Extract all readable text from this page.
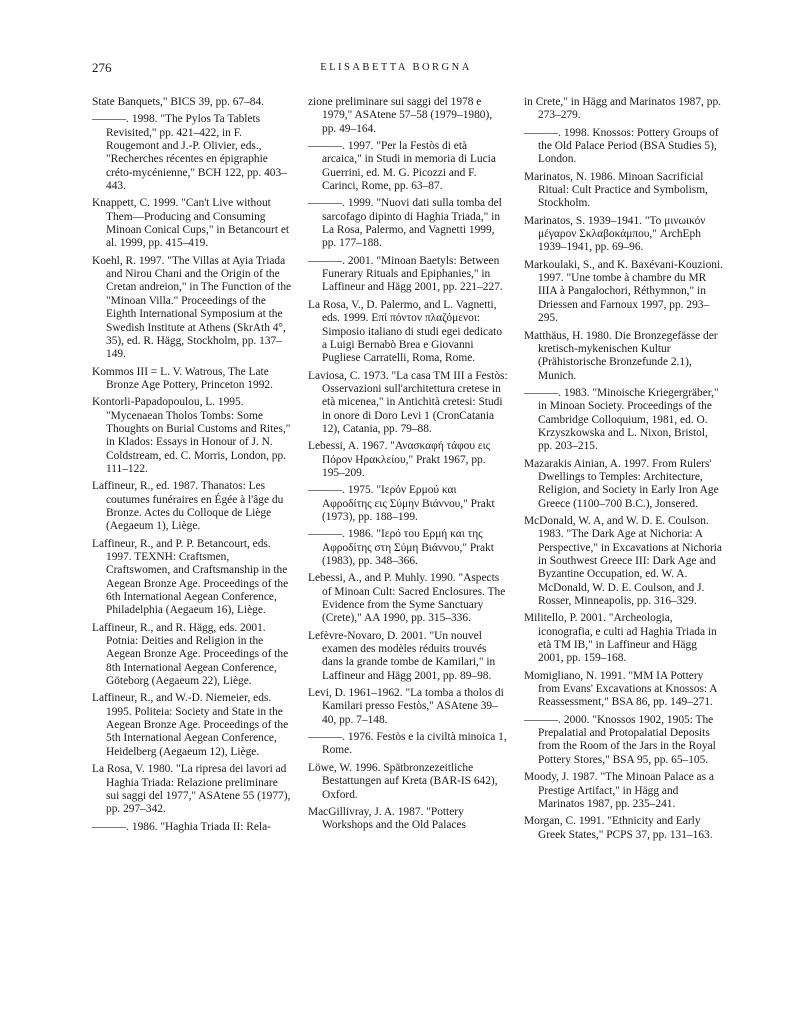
276	ELISABETTA BORGNA

State Banquets," BICS 39, pp. 67–84.

———. 1998. "The Pylos Ta Tablets Revisited," pp. 421–422, in F. Rougemont and J.-P. Olivier, eds., "Recherches récentes en épigraphie créto-mycénienne," BCH 122, pp. 403–443.

Knappett, C. 1999. "Can't Live without Them—Producing and Consuming Minoan Conical Cups," in Betancourt et al. 1999, pp. 415–419.

Koehl, R. 1997. "The Villas at Ayia Triada and Nirou Chani and the Origin of the Cretan andreion," in The Function of the "Minoan Villa." Proceedings of the Eighth International Symposium at the Swedish Institute at Athens (SkrAth 4°, 35), ed. R. Hägg, Stockholm, pp. 137–149.

Kommos III = L. V. Watrous, The Late Bronze Age Pottery, Princeton 1992.

Kontorli-Papadopoulou, L. 1995. "Mycenaean Tholos Tombs: Some Thoughts on Burial Customs and Rites," in Klados: Essays in Honour of J. N. Coldstream, ed. C. Morris, London, pp. 111–122.

Laffineur, R., ed. 1987. Thanatos: Les coutumes funéraires en Égée à l'âge du Bronze. Actes du Colloque de Liège (Aegaeum 1), Liège.

Laffineur, R., and P. P. Betancourt, eds. 1997. TEXNH: Craftsmen, Craftswomen, and Craftsmanship in the Aegean Bronze Age. Proceedings of the 6th International Aegean Conference, Philadelphia (Aegaeum 16), Liège.

Laffineur, R., and R. Hägg, eds. 2001. Potnia: Deities and Religion in the Aegean Bronze Age. Proceedings of the 8th International Aegean Conference, Göteborg (Aegaeum 22), Liège.

Laffineur, R., and W.-D. Niemeier, eds. 1995. Politeia: Society and State in the Aegean Bronze Age. Proceedings of the 5th International Aegean Conference, Heidelberg (Aegaeum 12), Liège.

La Rosa, V. 1980. "La ripresa dei lavori ad Haghia Triada: Relazione preliminare sui saggi del 1977," ASAtene 55 (1977), pp. 297–342.

———. 1986. "Haghia Triada II: Rela-

zione preliminare sui saggi del 1978 e 1979," ASAtene 57–58 (1979–1980), pp. 49–164.

———. 1997. "Per la Festòs di età arcaica," in Studi in memoria di Lucia Guerrini, ed. M. G. Picozzi and F. Carinci, Rome, pp. 63–87.

———. 1999. "Nuovi dati sulla tomba del sarcofago dipinto di Haghia Triada," in La Rosa, Palermo, and Vagnetti 1999, pp. 177–188.

———. 2001. "Minoan Baetyls: Between Funerary Rituals and Epiphanies," in Laffineur and Hägg 2001, pp. 221–227.

La Rosa, V., D. Palermo, and L. Vagnetti, eds. 1999. Επί πόντον πλαζόμενοι: Simposio italiano di studi egei dedicato a Luigi Bernabò Brea e Giovanni Pugliese Carratelli, Roma, Rome.

Laviosa, C. 1973. "La casa TM III a Festòs: Osservazioni sull'architettura cretese in età micenea," in Antichità cretesi: Studi in onore di Doro Levi 1 (CronCatania 12), Catania, pp. 79–88.

Lebessi, A. 1967. "Ανασκαφή τάφου εις Πόρον Ηρακλείου," Prakt 1967, pp. 195–209.

———. 1975. "Ιερόν Ερμού και Αφροδίτης εις Σύμην Βιάννου," Prakt (1973), pp. 188–199.

———. 1986. "Ιερό του Ερμή και της Αφροδίτης στη Σύμη Βιάννου," Prakt (1983), pp. 348–366.

Lebessi, A., and P. Muhly. 1990. "Aspects of Minoan Cult: Sacred Enclosures. The Evidence from the Syme Sanctuary (Crete)," AA 1990, pp. 315–336.

Lefèvre-Novaro, D. 2001. "Un nouvel examen des modèles réduits trouvés dans la grande tombe de Kamilari," in Laffineur and Hägg 2001, pp. 89–98.

Levi, D. 1961–1962. "La tomba a tholos di Kamilari presso Festòs," ASAtene 39–40, pp. 7–148.

———. 1976. Festòs e la civiltà minoica 1, Rome.

Löwe, W. 1996. Spätbronzezeitliche Bestattungen auf Kreta (BAR-IS 642), Oxford.

MacGillivray, J. A. 1987. "Pottery Workshops and the Old Palaces

in Crete," in Hägg and Marinatos 1987, pp. 273–279.

———. 1998. Knossos: Pottery Groups of the Old Palace Period (BSA Studies 5), London.

Marinatos, N. 1986. Minoan Sacrificial Ritual: Cult Practice and Symbolism, Stockholm.

Marinatos, S. 1939–1941. "Το μινωικόν μέγαρον Σκλαβοκάμπου," ArchEph 1939–1941, pp. 69–96.

Markoulaki, S., and K. Baxévani-Kouzioni. 1997. "Une tombe à chambre du MR IIIA à Pangalochori, Réthymnon," in Driessen and Farnoux 1997, pp. 293–295.

Matthäus, H. 1980. Die Bronzegefässe der kretisch-mykenischen Kultur (Prähistorische Bronzefunde 2.1), Munich.

———. 1983. "Minoische Kriegergräber," in Minoan Society. Proceedings of the Cambridge Colloquium, 1981, ed. O. Krzyszkowska and L. Nixon, Bristol, pp. 203–215.

Mazarakis Ainian, A. 1997. From Rulers' Dwellings to Temples: Architecture, Religion, and Society in Early Iron Age Greece (1100–700 B.C.), Jonsered.

McDonald, W. A, and W. D. E. Coulson. 1983. "The Dark Age at Nichoria: A Perspective," in Excavations at Nichoria in Southwest Greece III: Dark Age and Byzantine Occupation, ed. W. A. McDonald, W. D. E. Coulson, and J. Rosser, Minneapolis, pp. 316–329.

Militello, P. 2001. "Archeologia, iconografia, e culti ad Haghia Triada in età TM IB," in Laffineur and Hägg 2001, pp. 159–168.

Momigliano, N. 1991. "MM IA Pottery from Evans' Excavations at Knossos: A Reassessment," BSA 86, pp. 149–271.

———. 2000. "Knossos 1902, 1905: The Prepalatial and Protopalatial Deposits from the Room of the Jars in the Royal Pottery Stores," BSA 95, pp. 65–105.

Moody, J. 1987. "The Minoan Palace as a Prestige Artifact," in Hägg and Marinatos 1987, pp. 235–241.

Morgan, C. 1991. "Ethnicity and Early Greek States," PCPS 37, pp. 131–163.
